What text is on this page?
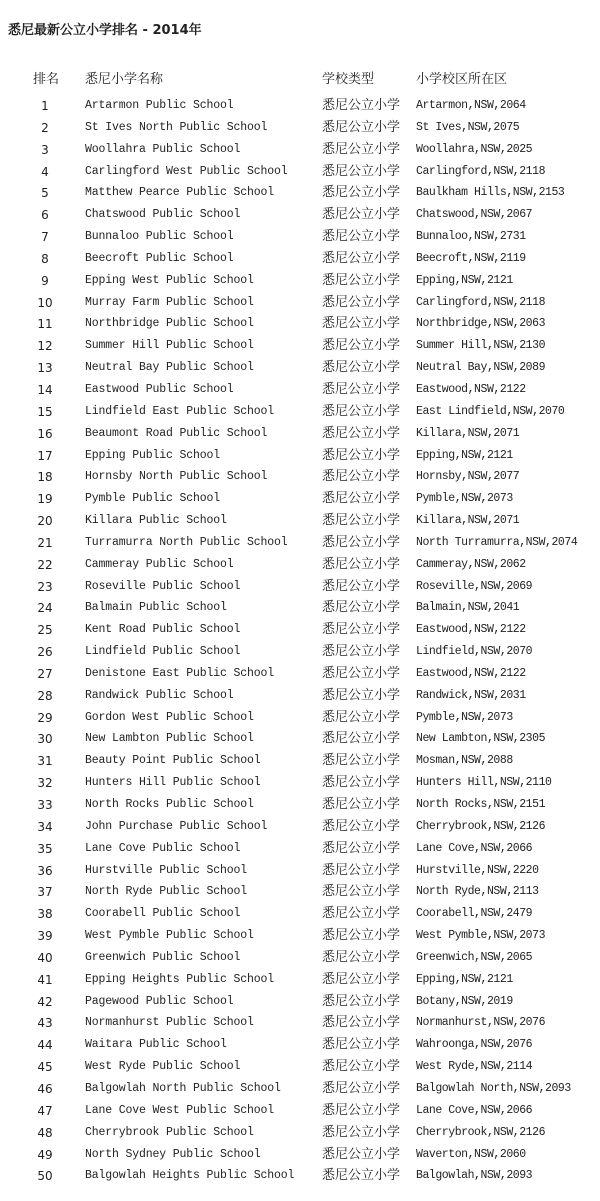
悉尼最新公立小学排名 - 2014年
排名 悉尼小学名称	学校类型	小学校区所在区
1	Artarmon Public School	悉尼公立小学 Artarmon,NSW,2064
2	St Ives North Public School	悉尼公立小学 St Ives,NSW,2075
3	Woollahra Public School	悉尼公立小学 Woollahra,NSW,2025
4	Carlingford West Public School	悉尼公立小学 Carlingford,NSW,2118
5	Matthew Pearce Public School	悉尼公立小学 Baulkham Hills,NSW,2153
6	Chatswood Public School	悉尼公立小学 Chatswood,NSW,2067
7	Bunnaloo Public School	悉尼公立小学 Bunnaloo,NSW,2731
8	Beecroft Public School	悉尼公立小学 Beecroft,NSW,2119
9	Epping West Public School	悉尼公立小学 Epping,NSW,2121
10	Murray Farm Public School	悉尼公立小学 Carlingford,NSW,2118
11	Northbridge Public School	悉尼公立小学 Northbridge,NSW,2063
12	Summer Hill Public School	悉尼公立小学 Summer Hill,NSW,2130
13	Neutral Bay Public School	悉尼公立小学 Neutral Bay,NSW,2089
14	Eastwood Public School	悉尼公立小学 Eastwood,NSW,2122
15	Lindfield East Public School	悉尼公立小学 East Lindfield,NSW,2070
16	Beaumont Road Public School	悉尼公立小学 Killara,NSW,2071
17	Epping Public School	悉尼公立小学 Epping,NSW,2121
18	Hornsby North Public School	悉尼公立小学 Hornsby,NSW,2077
19	Pymble Public School	悉尼公立小学 Pymble,NSW,2073
20	Killara Public School	悉尼公立小学 Killara,NSW,2071
21	Turramurra North Public School	悉尼公立小学 North Turramurra,NSW,2074
22	Cammeray Public School	悉尼公立小学 Cammeray,NSW,2062
23	Roseville Public School	悉尼公立小学 Roseville,NSW,2069
24	Balmain Public School	悉尼公立小学 Balmain,NSW,2041
25	Kent Road Public School	悉尼公立小学 Eastwood,NSW,2122
26	Lindfield Public School	悉尼公立小学 Lindfield,NSW,2070
27	Denistone East Public School	悉尼公立小学 Eastwood,NSW,2122
28	Randwick Public School	悉尼公立小学 Randwick,NSW,2031
29	Gordon West Public School	悉尼公立小学 Pymble,NSW,2073
30	New Lambton Public School	悉尼公立小学 New Lambton,NSW,2305
31	Beauty Point Public School	悉尼公立小学 Mosman,NSW,2088
32	Hunters Hill Public School	悉尼公立小学 Hunters Hill,NSW,2110
33	North Rocks Public School	悉尼公立小学 North Rocks,NSW,2151
34	John Purchase Public School	悉尼公立小学 Cherrybrook,NSW,2126
35	Lane Cove Public School	悉尼公立小学 Lane Cove,NSW,2066
36	Hurstville Public School	悉尼公立小学 Hurstville,NSW,2220
37	North Ryde Public School	悉尼公立小学 North Ryde,NSW,2113
38	Coorabell Public School	悉尼公立小学 Coorabell,NSW,2479
39	West Pymble Public School	悉尼公立小学 West Pymble,NSW,2073
40	Greenwich Public School	悉尼公立小学 Greenwich,NSW,2065
41	Epping Heights Public School	悉尼公立小学 Epping,NSW,2121
42	Pagewood Public School	悉尼公立小学 Botany,NSW,2019
43	Normanhurst Public School	悉尼公立小学 Normanhurst,NSW,2076
44	Waitara Public School	悉尼公立小学 Wahroonga,NSW,2076
45	West Ryde Public School	悉尼公立小学 West Ryde,NSW,2114
46	Balgowlah North Public School	悉尼公立小学 Balgowlah North,NSW,2093
47	Lane Cove West Public School	悉尼公立小学 Lane Cove,NSW,2066
48	Cherrybrook Public School	悉尼公立小学 Cherrybrook,NSW,2126
49	North Sydney Public School	悉尼公立小学 Waverton,NSW,2060
50	Balgowlah Heights Public School 悉尼公立小学 Balgowlah,NSW,2093
